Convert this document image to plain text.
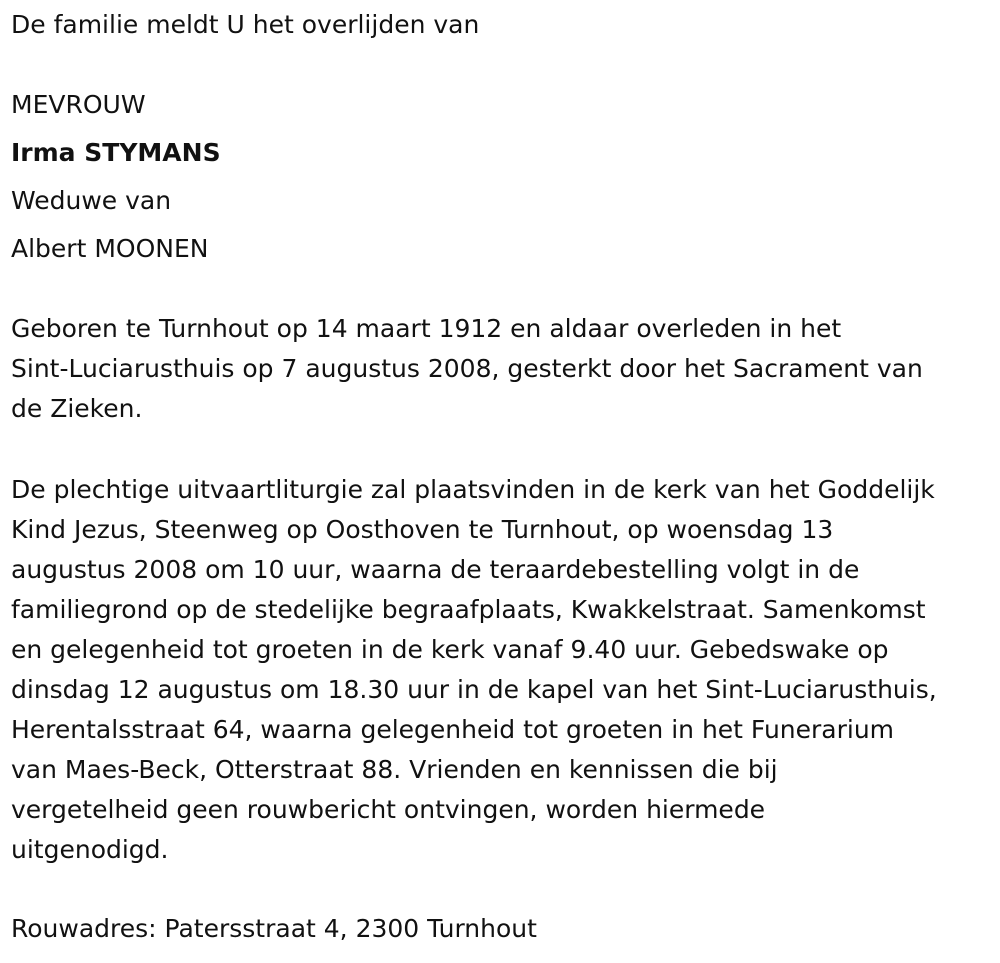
De familie meldt U het overlijden van

MEVROUW

Irma STYMANS

Weduwe van

Albert MOONEN

Geboren te Turnhout op 14 maart 1912 en aldaar overleden in het
Sint-Luciarusthuis op 7 augustus 2008, gesterkt door het Sacrament van
de Zieken.
De plechtige uitvaartliturgie zal plaatsvinden in de kerk van het Goddelijk
Kind Jezus, Steenweg op Oosthoven te Turnhout, op woensdag 13
augustus 2008 om 10 uur, waarna de teraardebestelling volgt in de
familiegrond op de stedelijke begraafplaats, Kwakkelstraat. Samenkomst
en gelegenheid tot groeten in de kerk vanaf 9.40 uur. Gebedswake op
dinsdag 12 augustus om 18.30 uur in de kapel van het Sint-Luciarusthuis,
Herentalsstraat 64, waarna gelegenheid tot groeten in het Funerarium
van Maes-Beck, Otterstraat 88. Vrienden en kennissen die bij
vergetelheid geen rouwbericht ontvingen, worden hiermede
uitgenodigd.

Rouwadres: Patersstraat 4, 2300 Turnhout
